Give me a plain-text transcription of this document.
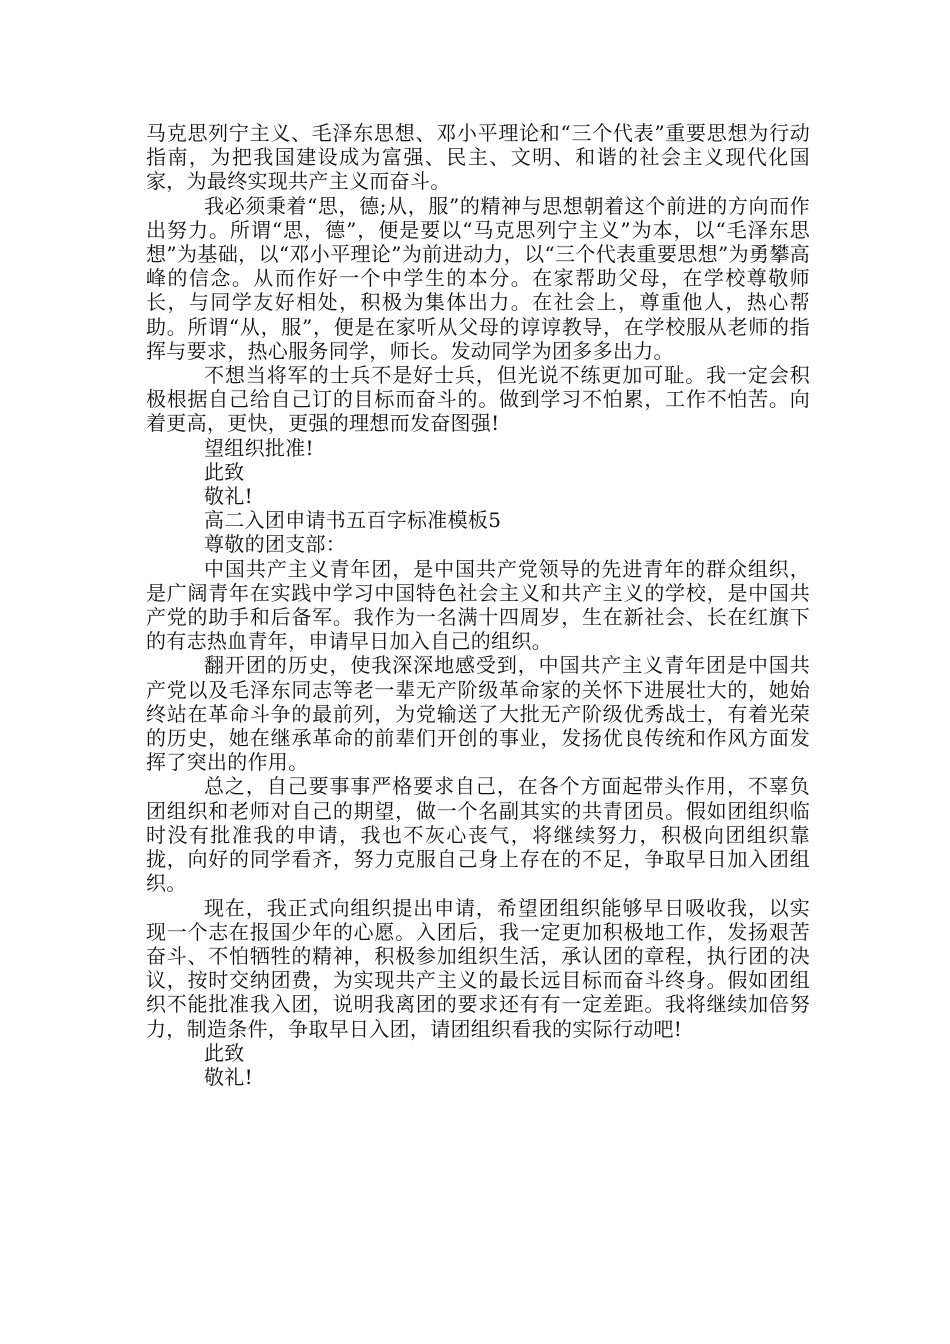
马克思列宁主义、毛泽东思想、邓小平理论和“三个代表”重要思想为行动指南，为把我国建设成为富强、民主、文明、和谐的社会主义现代化国家，为最终实现共产主义而奋斗。

我必须秉着“思，德;从，服”的精神与思想朝着这个前进的方向而作出努力。所谓“思，德”，便是要以“马克思列宁主义”为本，以“毛泽东思想”为基础，以“邓小平理论”为前进动力，以“三个代表重要思想”为勇攀高峰的信念。从而作好一个中学生的本分。在家帮助父母，在学校尊敬师长，与同学友好相处，积极为集体出力。在社会上，尊重他人，热心帮助。所谓“从，服”，便是在家听从父母的谆谆教导，在学校服从老师的指挥与要求，热心服务同学，师长。发动同学为团多多出力。

不想当将军的士兵不是好士兵，但光说不练更加可耻。我一定会积极根据自己给自己订的目标而奋斗的。做到学习不怕累，工作不怕苦。向着更高，更快，更强的理想而发奋图强!

望组织批准!

此致

敬礼!

高二入团申请书五百字标准模板5

尊敬的团支部：

中国共产主义青年团，是中国共产党领导的先进青年的群众组织，是广阔青年在实践中学习中国特色社会主义和共产主义的学校，是中国共产党的助手和后备军。我作为一名满十四周岁，生在新社会、长在红旗下的有志热血青年，申请早日加入自己的组织。

翻开团的历史，使我深深地感受到，中国共产主义青年团是中国共产党以及毛泽东同志等老一辈无产阶级革命家的关怀下进展壮大的，她始终站在革命斗争的最前列，为党输送了大批无产阶级优秀战士，有着光荣的历史，她在继承革命的前辈们开创的事业，发扬优良传统和作风方面发挥了突出的作用。

总之，自己要事事严格要求自己，在各个方面起带头作用，不辜负团组织和老师对自己的期望，做一个名副其实的共青团员。假如团组织临时没有批准我的申请，我也不灰心丧气，将继续努力，积极向团组织靠拢，向好的同学看齐，努力克服自己身上存在的不足，争取早日加入团组织。

现在，我正式向组织提出申请，希望团组织能够早日吸收我，以实现一个志在报国少年的心愿。入团后，我一定更加积极地工作，发扬艰苦奋斗、不怕牺牲的精神，积极参加组织生活，承认团的章程，执行团的决议，按时交纳团费，为实现共产主义的最长远目标而奋斗终身。假如团组织不能批准我入团，说明我离团的要求还有有一定差距。我将继续加倍努力，制造条件，争取早日入团，请团组织看我的实际行动吧!

此致

敬礼!
